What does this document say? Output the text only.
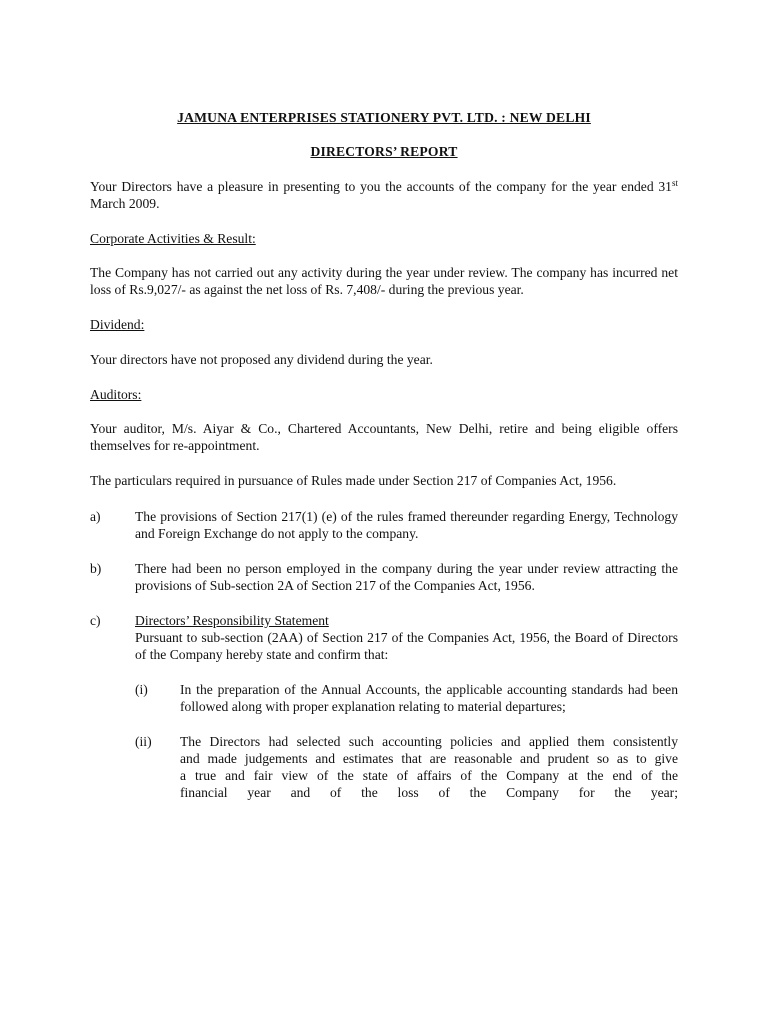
JAMUNA ENTERPRISES STATIONERY PVT. LTD. : NEW DELHI
DIRECTORS’ REPORT
Your Directors have a pleasure in presenting to you the accounts of the company for the year ended 31st March 2009.
Corporate Activities & Result:
The Company has not carried out any activity during the year under review. The company has incurred net loss of Rs.9,027/- as against the net loss of Rs. 7,408/- during the previous year.
Dividend:
Your directors have not proposed any dividend during the year.
Auditors:
Your auditor, M/s. Aiyar & Co., Chartered Accountants, New Delhi, retire and being eligible offers themselves for re-appointment.
The particulars required in pursuance of Rules made under Section 217 of Companies Act, 1956.
a)	The provisions of Section 217(1) (e) of the rules framed thereunder regarding Energy, Technology and Foreign Exchange do not apply to the company.
b) There had been no person employed in the company during the year under review attracting the provisions of Sub-section 2A of Section 217 of the Companies Act, 1956.
c)	Directors’ Responsibility Statement
Pursuant to sub-section (2AA) of Section 217 of the Companies Act, 1956, the Board of Directors of the Company hereby state and confirm that:
(i) In the preparation of the Annual Accounts, the applicable accounting standards had been followed along with proper explanation relating to material departures;
(ii) The Directors had selected such accounting policies and applied them consistently
and made judgements and estimates that are reasonable and prudent so as to give
a true and fair view of the state of affairs of the Company at the end of the
financial year and of the loss of the Company for the year;
